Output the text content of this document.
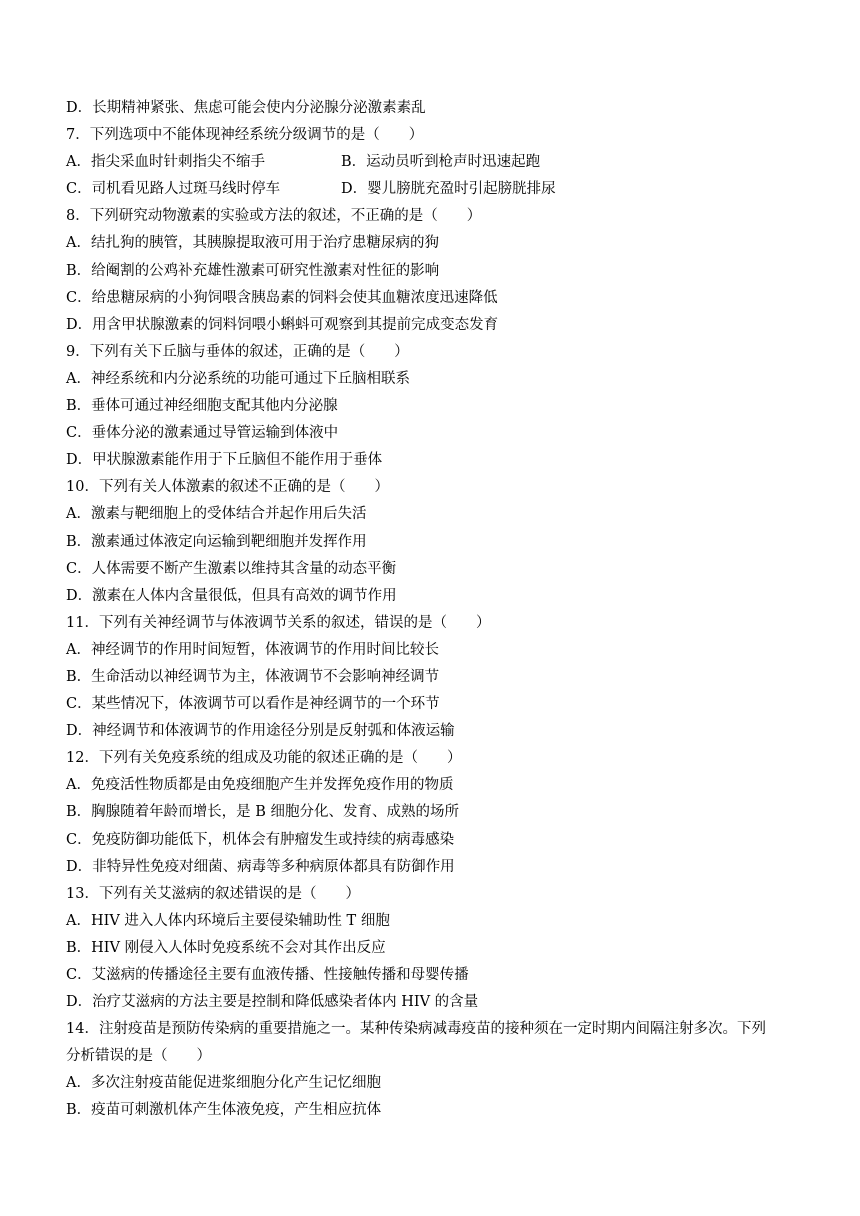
D．长期精神紧张、焦虑可能会使内分泌腺分泌激素素乱
7．下列选项中不能体现神经系统分级调节的是（　　）
A．指尖采血时针刺指尖不缩手	B．运动员听到枪声时迅速起跑
C．司机看见路人过斑马线时停车	D．婴儿膀胱充盈时引起膀胱排尿
8．下列研究动物激素的实验或方法的叙述，不正确的是（　　）
A．结扎狗的胰管，其胰腺提取液可用于治疗患糖尿病的狗
B．给阉割的公鸡补充雄性激素可研究性激素对性征的影响
C．给患糖尿病的小狗饲喂含胰岛素的饲料会使其血糖浓度迅速降低
D．用含甲状腺激素的饲料饲喂小蝌蚪可观察到其提前完成变态发育
9．下列有关下丘脑与垂体的叙述，正确的是（　　）
A．神经系统和内分泌系统的功能可通过下丘脑相联系
B．垂体可通过神经细胞支配其他内分泌腺
C．垂体分泌的激素通过导管运输到体液中
D．甲状腺激素能作用于下丘脑但不能作用于垂体
10．下列有关人体激素的叙述不正确的是（　　）
A．激素与靶细胞上的受体结合并起作用后失活
B．激素通过体液定向运输到靶细胞并发挥作用
C．人体需要不断产生激素以维持其含量的动态平衡
D．激素在人体内含量很低，但具有高效的调节作用
11．下列有关神经调节与体液调节关系的叙述，错误的是（　　）
A．神经调节的作用时间短暂，体液调节的作用时间比较长
B．生命活动以神经调节为主，体液调节不会影响神经调节
C．某些情况下，体液调节可以看作是神经调节的一个环节
D．神经调节和体液调节的作用途径分别是反射弧和体液运输
12．下列有关免疫系统的组成及功能的叙述正确的是（　　）
A．免疫活性物质都是由免疫细胞产生并发挥免疫作用的物质
B．胸腺随着年龄而增长，是 B 细胞分化、发育、成熟的场所
C．免疫防御功能低下，机体会有肿瘤发生或持续的病毒感染
D．非特异性免疫对细菌、病毒等多种病原体都具有防御作用
13．下列有关艾滋病的叙述错误的是（　　）
A．HIV 进入人体内环境后主要侵染辅助性 T 细胞
B．HIV 刚侵入人体时免疫系统不会对其作出反应
C．艾滋病的传播途径主要有血液传播、性接触传播和母婴传播
D．治疗艾滋病的方法主要是控制和降低感染者体内 HIV 的含量
14．注射疫苗是预防传染病的重要措施之一。某种传染病减毒疫苗的接种须在一定时期内间隔注射多次。下列
分析错误的是（　　）
A．多次注射疫苗能促进浆细胞分化产生记忆细胞
B．疫苗可刺激机体产生体液免疫，产生相应抗体
